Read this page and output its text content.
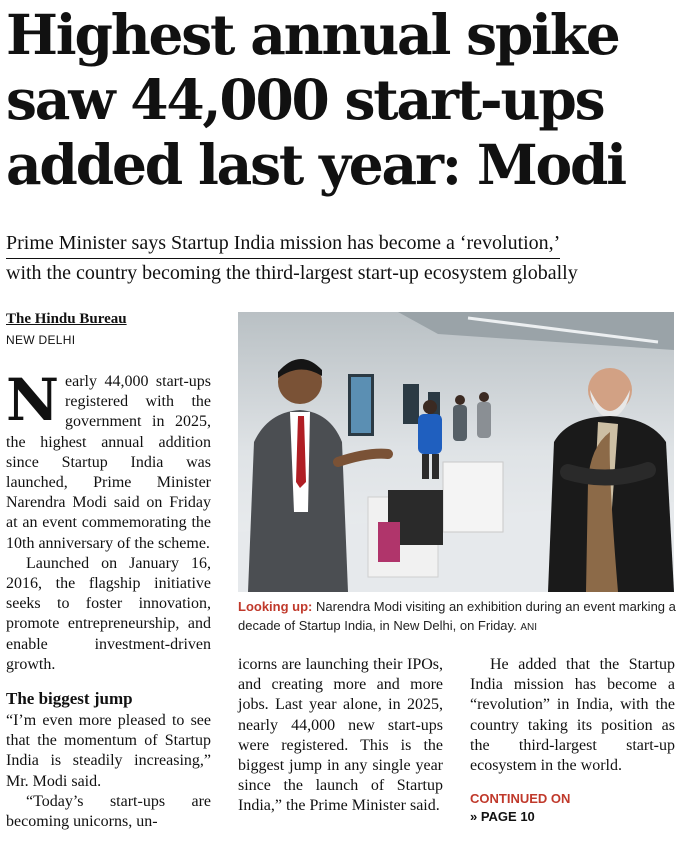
Highest annual spike
saw 44,000 start-ups
added last year: Modi
Prime Minister says Startup India mission has become a ‘revolution,’
with the country becoming the third-largest start-up ecosystem globally
The Hindu Bureau
NEW DELHI

Nearly 44,000 start-ups registered with the government in 2025, the highest annual addition since Startup India was launched, Prime Minister Narendra Modi said on Friday at an event commemorating the 10th anniversary of the scheme.

Launched on January 16, 2016, the flagship initiative seeks to foster innovation, promote entrepreneurship, and enable investment-driven growth.

The biggest jump

“I’m even more pleased to see that the momentum of Startup India is steadily increasing,” Mr. Modi said.

“Today’s start-ups are becoming unicorns, un-

Looking up: Narendra Modi visiting an exhibition during an event marking a decade of Startup India, in New Delhi, on Friday. ANI

icorns are launching their IPOs, and creating more and more jobs. Last year alone, in 2025, nearly 44,000 new start-ups were registered. This is the biggest jump in any single year since the launch of Startup India,” the Prime Minister said.

He added that the Startup India mission has become a “revolution” in India, with the country taking its position as the third-largest start-up ecosystem in the world.

CONTINUED ON
» PAGE 10
